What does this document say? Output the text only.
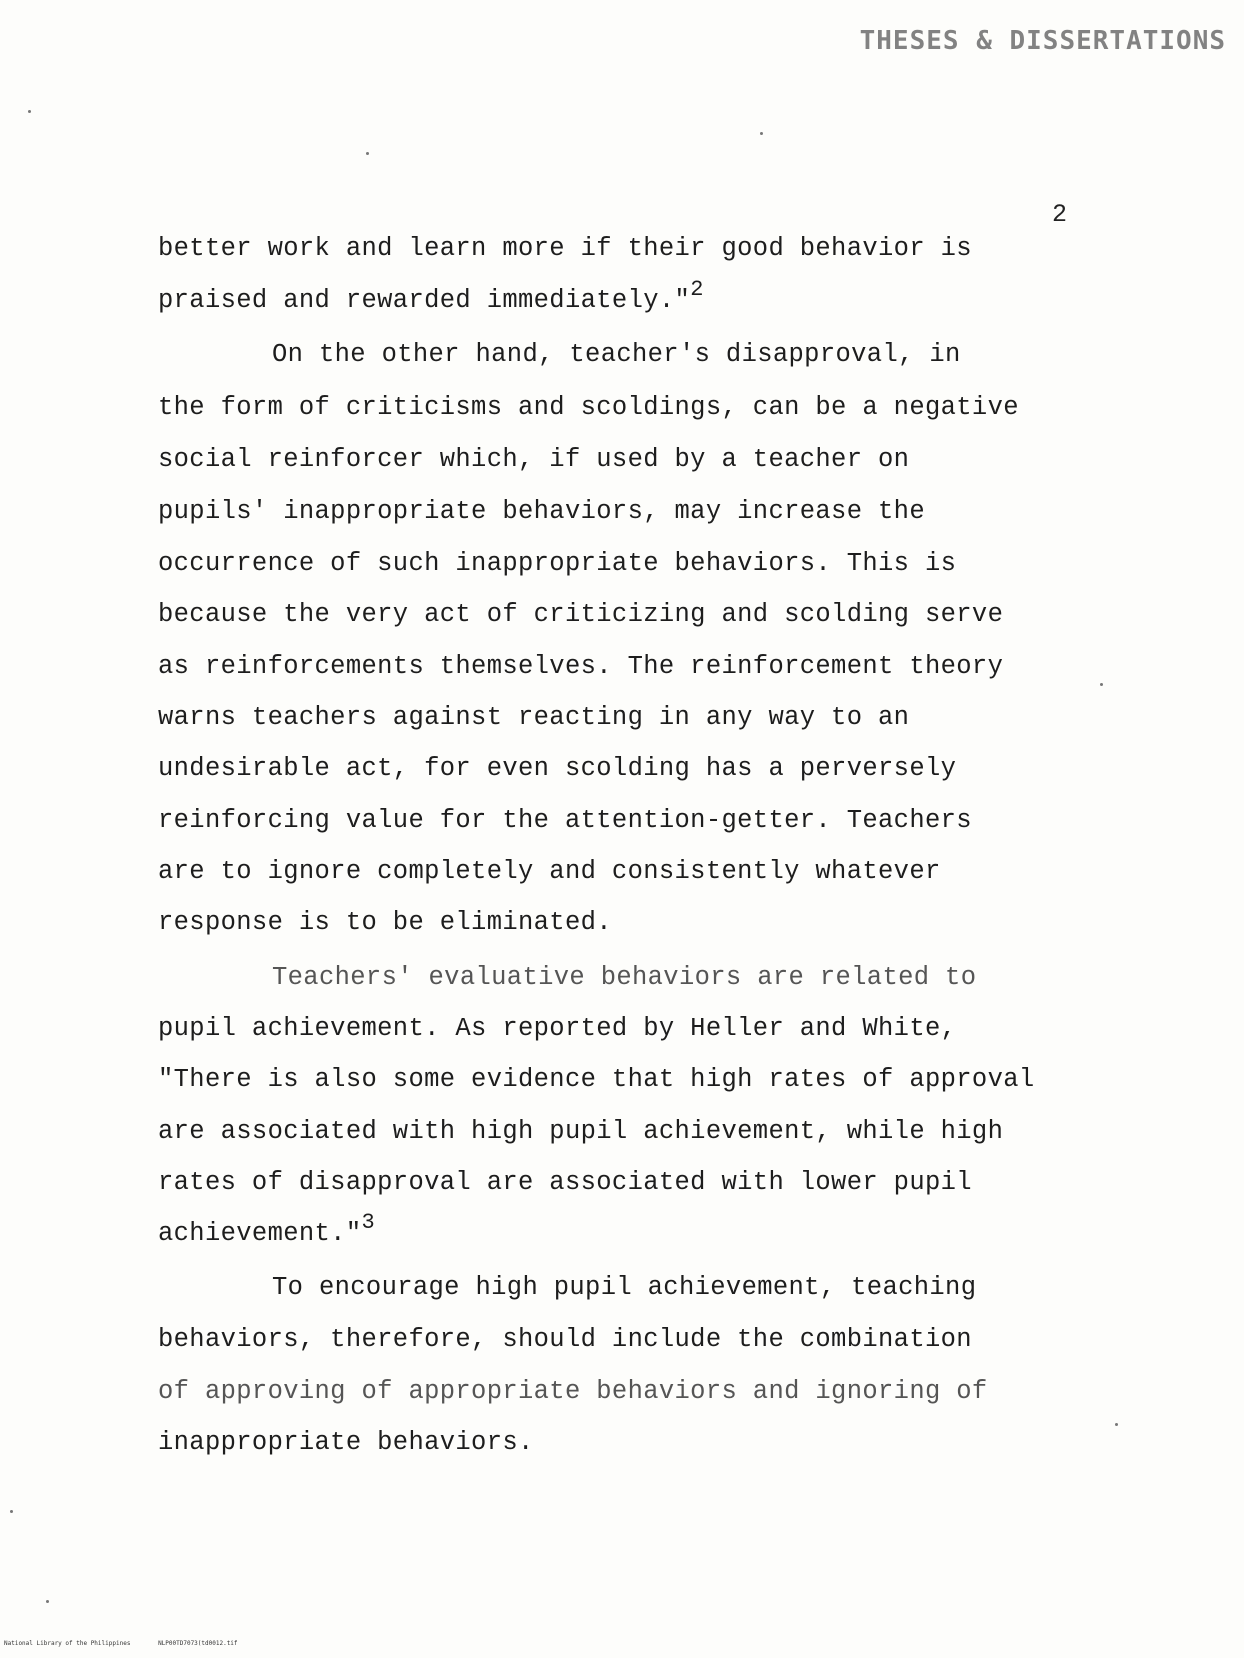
THESES & DISSERTATIONS
2
better work and learn more if their good behavior is
praised and rewarded immediately."$^2$
On the other hand, teacher's disapproval, in
the form of criticisms and scoldings, can be a negative
social reinforcer which, if used by a teacher on
pupils' inappropriate behaviors, may increase the
occurrence of such inappropriate behaviors. This is
because the very act of criticizing and scolding serve
as reinforcements themselves. The reinforcement theory
warns teachers against reacting in any way to an
undesirable act, for even scolding has a perversely
reinforcing value for the attention-getter. Teachers
are to ignore completely and consistently whatever
response is to be eliminated.
Teachers' evaluative behaviors are related to
pupil achievement. As reported by Heller and White,
"There is also some evidence that high rates of approval
are associated with high pupil achievement, while high
rates of disapproval are associated with lower pupil
achievement."$^3$
To encourage high pupil achievement, teaching
behaviors, therefore, should include the combination
of approving of appropriate behaviors and ignoring of
inappropriate behaviors.
National Library of the Philippines	NLP00TD7073(td0012.tif
